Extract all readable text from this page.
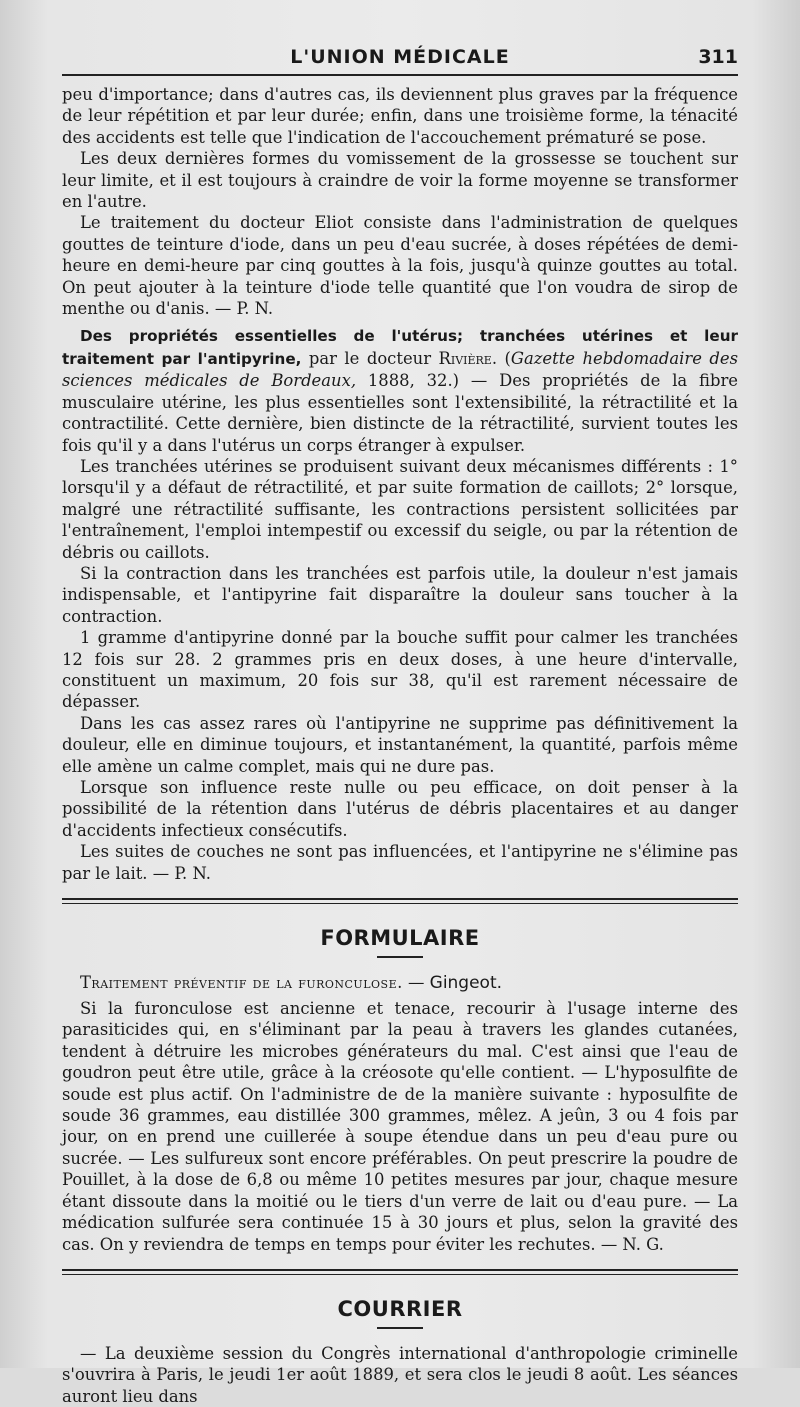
L'UNION MÉDICALE	311

peu d'importance; dans d'autres cas, ils deviennent plus graves par la fréquence de leur répétition et par leur durée; enfin, dans une troisième forme, la ténacité des accidents est telle que l'indication de l'accouchement prématuré se pose.

Les deux dernières formes du vomissement de la grossesse se touchent sur leur limite, et il est toujours à craindre de voir la forme moyenne se transformer en l'autre.

Le traitement du docteur Eliot consiste dans l'administration de quelques gouttes de teinture d'iode, dans un peu d'eau sucrée, à doses répétées de demi-heure en demi-heure par cinq gouttes à la fois, jusqu'à quinze gouttes au total. On peut ajouter à la teinture d'iode telle quantité que l'on voudra de sirop de menthe ou d'anis. — P. N.

Des propriétés essentielles de l'utérus; tranchées utérines et leur traitement par l'antipyrine, par le docteur Rivière. (Gazette hebdomadaire des sciences médicales de Bordeaux, 1888, 32.) — Des propriétés de la fibre musculaire utérine, les plus essentielles sont l'extensibilité, la rétractilité et la contractilité. Cette dernière, bien distincte de la rétractilité, survient toutes les fois qu'il y a dans l'utérus un corps étranger à expulser.

Les tranchées utérines se produisent suivant deux mécanismes différents : 1° lorsqu'il y a défaut de rétractilité, et par suite formation de caillots; 2° lorsque, malgré une rétractilité suffisante, les contractions persistent sollicitées par l'entraînement, l'emploi intempestif ou excessif du seigle, ou par la rétention de débris ou caillots.

Si la contraction dans les tranchées est parfois utile, la douleur n'est jamais indispensable, et l'antipyrine fait disparaître la douleur sans toucher à la contraction.

1 gramme d'antipyrine donné par la bouche suffit pour calmer les tranchées 12 fois sur 28. 2 grammes pris en deux doses, à une heure d'intervalle, constituent un maximum, 20 fois sur 38, qu'il est rarement nécessaire de dépasser.

Dans les cas assez rares où l'antipyrine ne supprime pas définitivement la douleur, elle en diminue toujours, et instantanément, la quantité, parfois même elle amène un calme complet, mais qui ne dure pas.

Lorsque son influence reste nulle ou peu efficace, on doit penser à la possibilité de la rétention dans l'utérus de débris placentaires et au danger d'accidents infectieux consécutifs.

Les suites de couches ne sont pas influencées, et l'antipyrine ne s'élimine pas par le lait. — P. N.

FORMULAIRE
Traitement préventif de la furonculose. — Gingeot.

Si la furonculose est ancienne et tenace, recourir à l'usage interne des parasiticides qui, en s'éliminant par la peau à travers les glandes cutanées, tendent à détruire les microbes générateurs du mal. C'est ainsi que l'eau de goudron peut être utile, grâce à la créosote qu'elle contient. — L'hyposulfite de soude est plus actif. On l'administre de de la manière suivante : hyposulfite de soude 36 grammes, eau distillée 300 grammes, mêlez. A jeûn, 3 ou 4 fois par jour, on en prend une cuillerée à soupe étendue dans un peu d'eau pure ou sucrée. — Les sulfureux sont encore préférables. On peut prescrire la poudre de Pouillet, à la dose de 6,8 ou même 10 petites mesures par jour, chaque mesure étant dissoute dans la moitié ou le tiers d'un verre de lait ou d'eau pure. — La médication sulfurée sera continuée 15 à 30 jours et plus, selon la gravité des cas. On y reviendra de temps en temps pour éviter les rechutes. — N. G.

COURRIER

— La deuxième session du Congrès international d'anthropologie criminelle s'ouvrira à Paris, le jeudi 1er août 1889, et sera clos le jeudi 8 août. Les séances auront lieu dans
